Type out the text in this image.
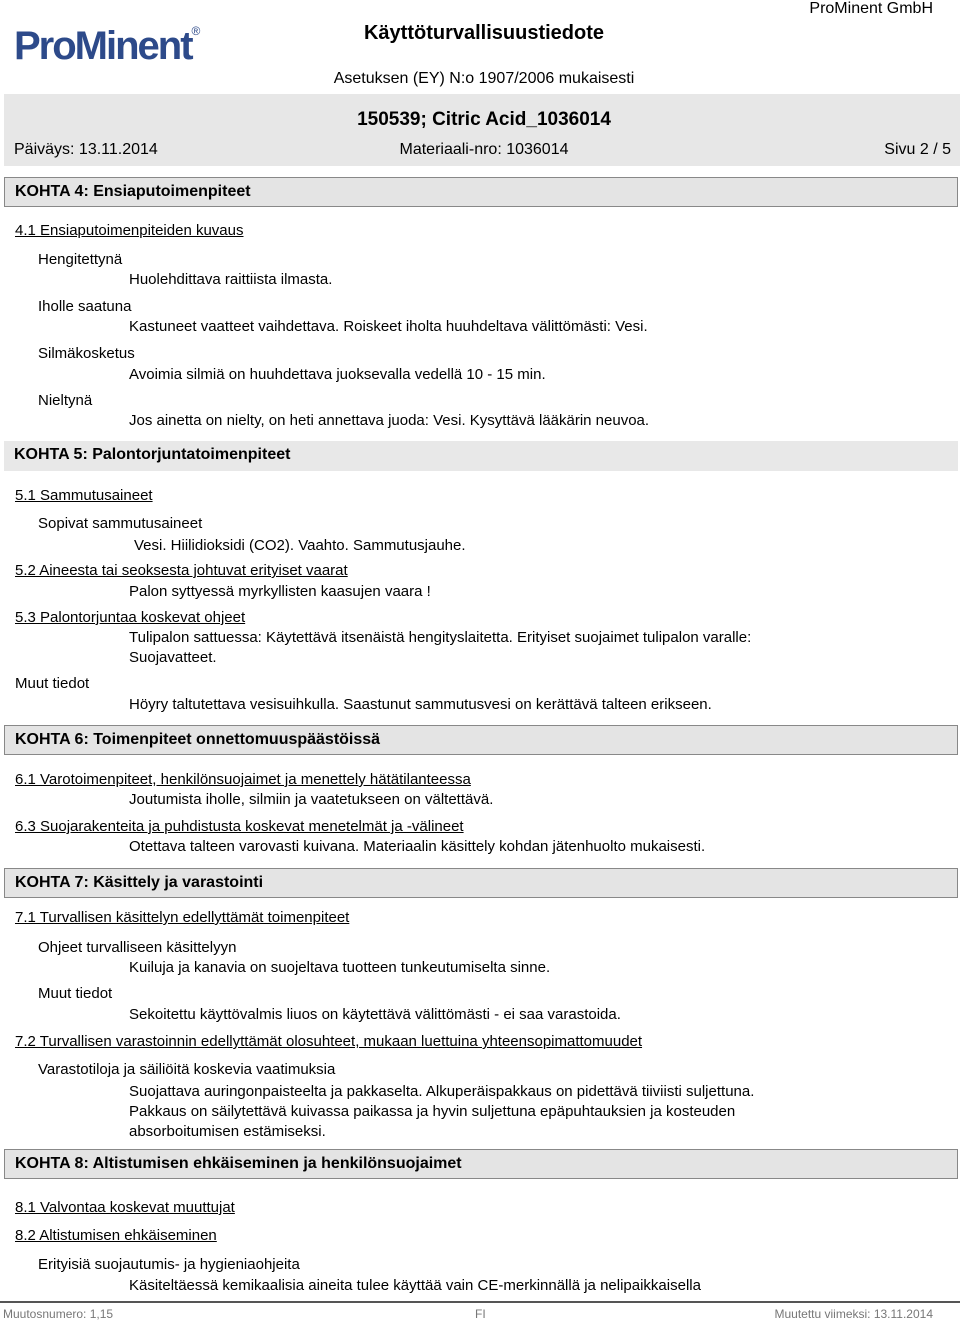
ProMinent®
ProMinent GmbH
Käyttöturvallisuustiedote
Asetuksen (EY) N:o 1907/2006 mukaisesti
150539; Citric Acid_1036014
Päiväys: 13.11.2014	Materiaali-nro: 1036014	Sivu 2 / 5
KOHTA 4: Ensiaputoimenpiteet
4.1 Ensiaputoimenpiteiden kuvaus
Hengitettynä
Huolehdittava raittiista ilmasta.
Iholle saatuna
Kastuneet vaatteet vaihdettava. Roiskeet iholta huuhdeltava välittömästi: Vesi.
Silmäkosketus
Avoimia silmiä on huuhdettava juoksevalla vedellä 10 - 15 min.
Nieltynä
Jos ainetta on nielty, on heti annettava juoda: Vesi. Kysyttävä lääkärin neuvoa.
KOHTA 5: Palontorjuntatoimenpiteet
5.1 Sammutusaineet
Sopivat sammutusaineet
Vesi. Hiilidioksidi (CO2). Vaahto. Sammutusjauhe.
5.2 Aineesta tai seoksesta johtuvat erityiset vaarat
Palon syttyessä myrkyllisten kaasujen vaara !
5.3 Palontorjuntaa koskevat ohjeet
Tulipalon sattuessa: Käytettävä itsenäistä hengityslaitetta. Erityiset suojaimet tulipalon varalle:
Suojavatteet.
Muut tiedot
Höyry taltutettava vesisuihkulla. Saastunut sammutusvesi on kerättävä talteen erikseen.
KOHTA 6: Toimenpiteet onnettomuuspäästöissä
6.1 Varotoimenpiteet, henkilönsuojaimet ja menettely hätätilanteessa
Joutumista iholle, silmiin ja vaatetukseen on vältettävä.
6.3 Suojarakenteita ja puhdistusta koskevat menetelmät ja -välineet
Otettava talteen varovasti kuivana. Materiaalin käsittely kohdan jätenhuolto mukaisesti.
KOHTA 7: Käsittely ja varastointi
7.1 Turvallisen käsittelyn edellyttämät toimenpiteet
Ohjeet turvalliseen käsittelyyn
Kuiluja ja kanavia on suojeltava tuotteen tunkeutumiselta sinne.
Muut tiedot
Sekoitettu käyttövalmis liuos on käytettävä välittömästi - ei saa varastoida.
7.2 Turvallisen varastoinnin edellyttämät olosuhteet, mukaan luettuina yhteensopimattomuudet
Varastotiloja ja säiliöitä koskevia vaatimuksia
Suojattava auringonpaisteelta ja pakkaselta. Alkuperäispakkaus on pidettävä tiiviisti suljettuna.
Pakkaus on säilytettävä kuivassa paikassa ja hyvin suljettuna epäpuhtauksien ja kosteuden
absorboitumisen estämiseksi.
KOHTA 8: Altistumisen ehkäiseminen ja henkilönsuojaimet
8.1 Valvontaa koskevat muuttujat
8.2 Altistumisen ehkäiseminen
Erityisiä suojautumis- ja hygieniaohjeita
Käsiteltäessä kemikaalisia aineita tulee käyttää vain CE-merkinnällä ja nelipaikkaisella
Muutosnumero: 1,15	FI	Muutettu viimeksi: 13.11.2014
